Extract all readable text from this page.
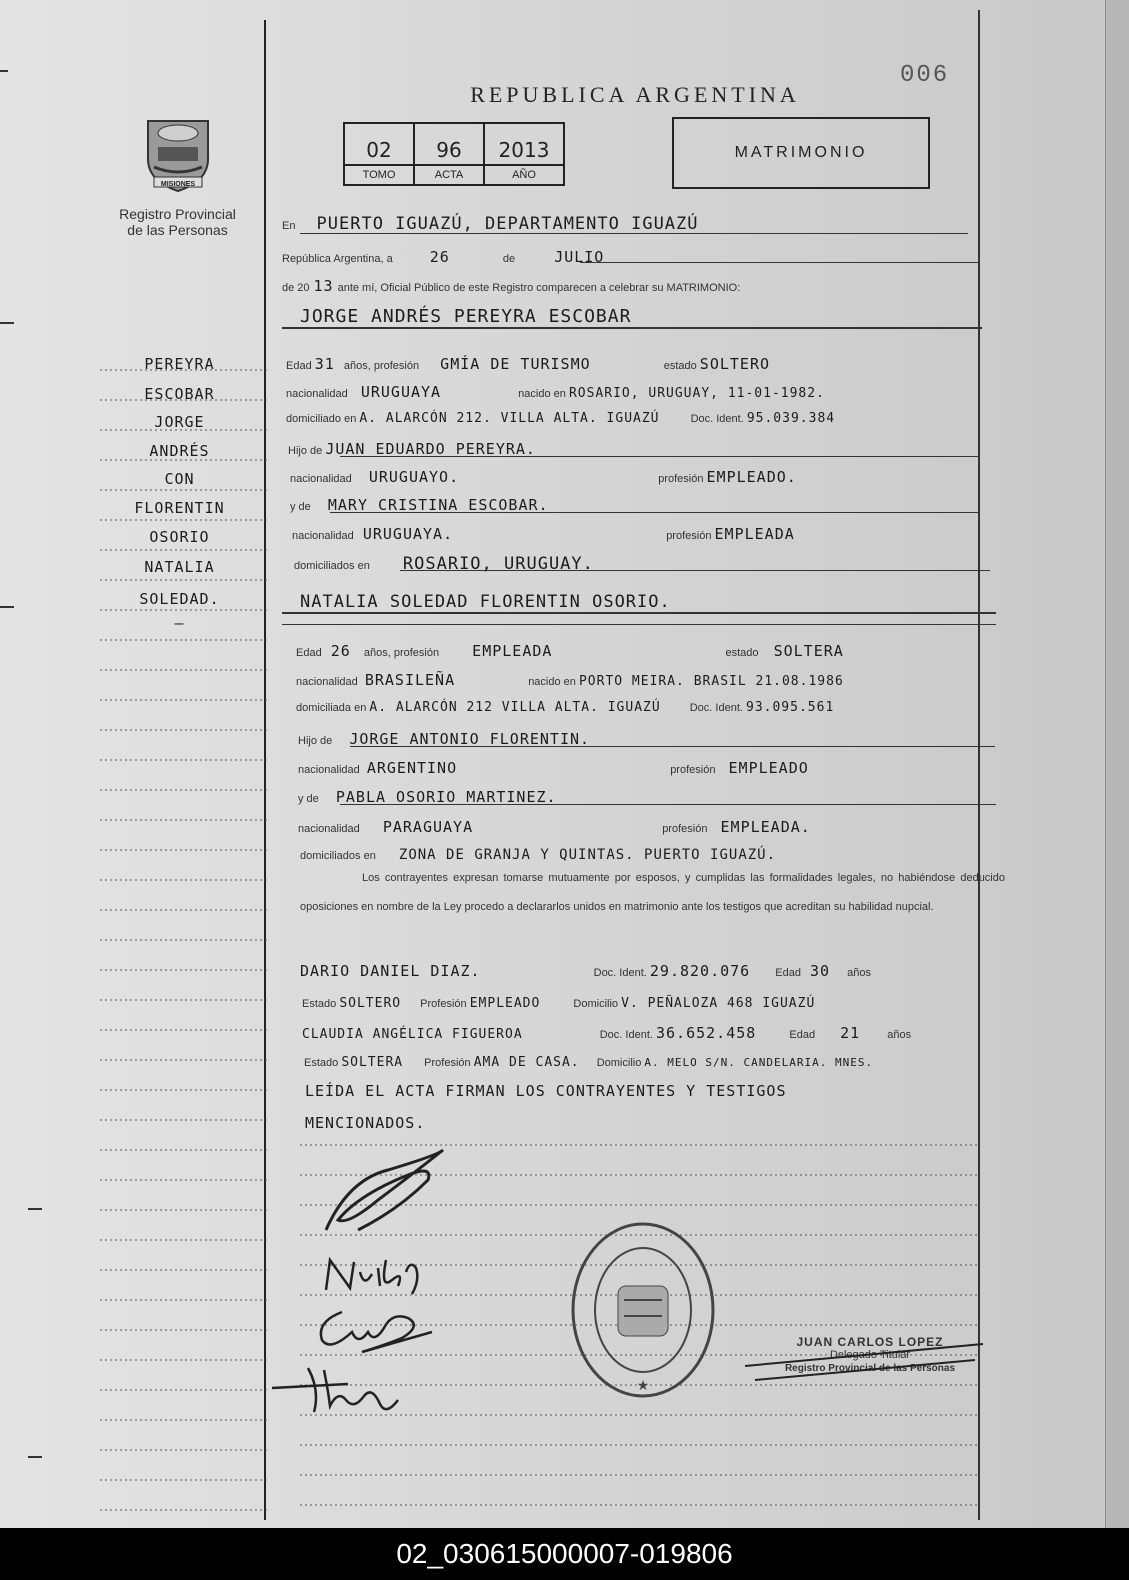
006
REPUBLICA ARGENTINA
02
TOMO
96
ACTA
2013
AÑO
MATRIMONIO
MISIONES
Registro Provincial
de las Personas
PEREYRA
ESCOBAR
JORGE
ANDRÉS
CON
FLORENTIN
OSORIO
NATALIA
SOLEDAD.
—
En PUERTO IGUAZÚ, DEPARTAMENTO IGUAZÚ
República Argentina, a 26	de	JULIO
de 20 13 ante mí, Oficial Público de este Registro comparecen a celebrar su MATRIMONIO:
JORGE ANDRÉS PEREYRA ESCOBAR
Edad 31 años, profesión GMÍA DE TURISMO	estado SOLTERO
nacionalidad URUGUAYA	nacido en ROSARIO, URUGUAY, 11-01-1982.
domiciliado en A. ALARCÓN 212. VILLA ALTA. IGUAZÚ	Doc. Ident. 95.039.384
Hijo de JUAN EDUARDO PEREYRA.
nacionalidad URUGUAYO.	profesión EMPLEADO.
y de MARY CRISTINA ESCOBAR.
nacionalidad URUGUAYA.	profesión EMPLEADA
domiciliados en ROSARIO, URUGUAY.
NATALIA SOLEDAD FLORENTIN OSORIO.
Edad 26 años, profesión EMPLEADA	estado SOLTERA
nacionalidad BRASILEÑA	nacido en PORTO MEIRA. BRASIL 21.08.1986
domiciliada en A. ALARCÓN 212 VILLA ALTA. IGUAZÚ	Doc. Ident. 93.095.561
Hijo de JORGE ANTONIO FLORENTIN.
nacionalidad ARGENTINO	profesión EMPLEADO
y de PABLA OSORIO MARTINEZ.
nacionalidad PARAGUAYA	profesión EMPLEADA.
domiciliados en ZONA DE GRANJA Y QUINTAS. PUERTO IGUAZÚ.
Los contrayentes expresan tomarse mutuamente por esposos, y cumplidas las formalidades legales, no habiéndose deducido oposiciones en nombre de la Ley procedo a declararlos unidos en matrimonio ante los testigos que acreditan su habilidad nupcial.
DARIO DANIEL DIAZ.	Doc. Ident. 29.820.076 Edad 30 años
Estado SOLTERO Profesión EMPLEADO	Domicilio V. PEÑALOZA 468 IGUAZÚ
CLAUDIA ANGÉLICA FIGUEROA	Doc. Ident. 36.652.458	Edad 21 años
Estado SOLTERA Profesión AMA DE CASA. Domicilio A. MELO S/N. CANDELARIA. MNES.
LEÍDA EL ACTA FIRMAN LOS CONTRAYENTES Y TESTIGOS
MENCIONADOS.
★
JUAN CARLOS LOPEZ
Delegado Titular
Registro Provincial de las Personas
02_030615000007-019806
